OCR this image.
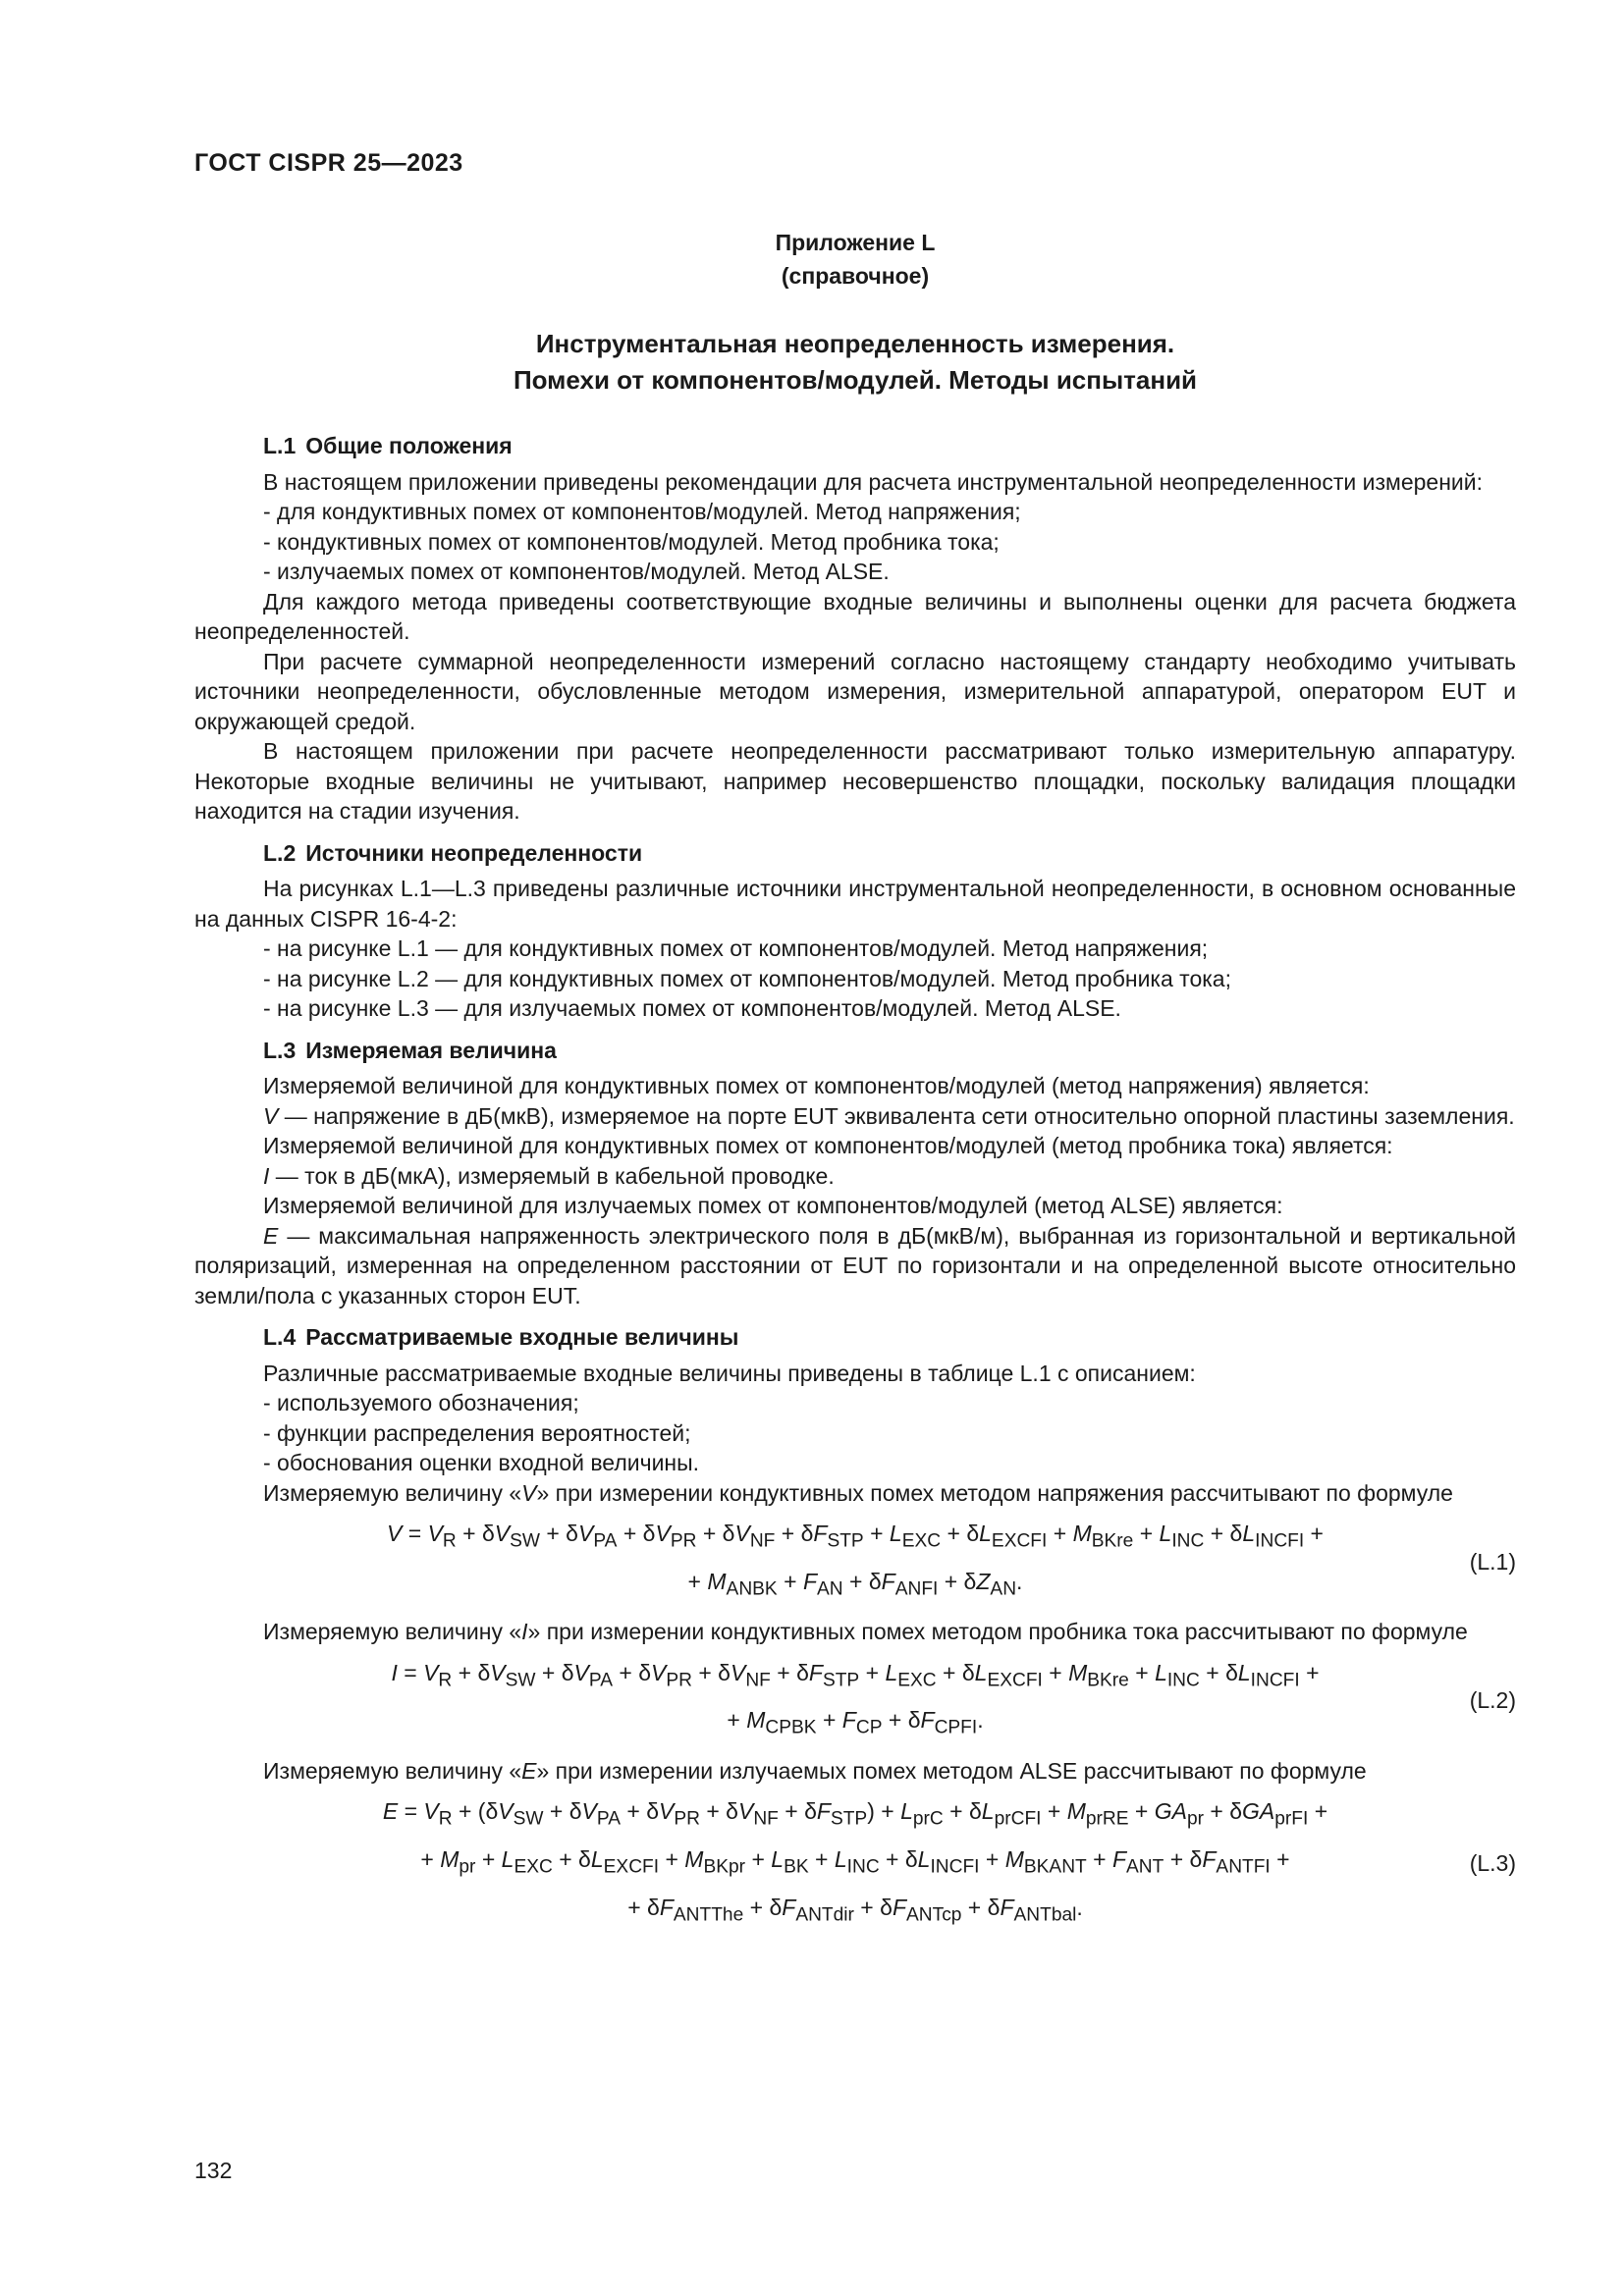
ГОСТ CISPR 25—2023
Приложение L
(справочное)
Инструментальная неопределенность измерения.
Помехи от компонентов/модулей. Методы испытаний
L.1 Общие положения

В настоящем приложении приведены рекомендации для расчета инструментальной неопределенности измерений:

- для кондуктивных помех от компонентов/модулей. Метод напряжения;

- кондуктивных помех от компонентов/модулей. Метод пробника тока;

- излучаемых помех от компонентов/модулей. Метод ALSE.

Для каждого метода приведены соответствующие входные величины и выполнены оценки для расчета бюджета неопределенностей.

При расчете суммарной неопределенности измерений согласно настоящему стандарту необходимо учитывать источники неопределенности, обусловленные методом измерения, измерительной аппаратурой, оператором EUT и окружающей средой.

В настоящем приложении при расчете неопределенности рассматривают только измерительную аппаратуру. Некоторые входные величины не учитывают, например несовершенство площадки, поскольку валидация площадки находится на стадии изучения.

L.2 Источники неопределенности

На рисунках L.1—L.3 приведены различные источники инструментальной неопределенности, в основном основанные на данных CISPR 16-4-2:

- на рисунке L.1 — для кондуктивных помех от компонентов/модулей. Метод напряжения;

- на рисунке L.2 — для кондуктивных помех от компонентов/модулей. Метод пробника тока;

- на рисунке L.3 — для излучаемых помех от компонентов/модулей. Метод ALSE.

L.3 Измеряемая величина

Измеряемой величиной для кондуктивных помех от компонентов/модулей (метод напряжения) является:

V — напряжение в дБ(мкВ), измеряемое на порте EUT эквивалента сети относительно опорной пластины заземления.

Измеряемой величиной для кондуктивных помех от компонентов/модулей (метод пробника тока) является:

I — ток в дБ(мкА), измеряемый в кабельной проводке.

Измеряемой величиной для излучаемых помех от компонентов/модулей (метод ALSE) является:

E — максимальная напряженность электрического поля в дБ(мкВ/м), выбранная из горизонтальной и вертикальной поляризаций, измеренная на определенном расстоянии от EUT по горизонтали и на определенной высоте относительно земли/пола с указанных сторон EUT.

L.4 Рассматриваемые входные величины

Различные рассматриваемые входные величины приведены в таблице L.1 с описанием:

- используемого обозначения;

- функции распределения вероятностей;

- обоснования оценки входной величины.

Измеряемую величину «V» при измерении кондуктивных помех методом напряжения рассчитывают по формуле

$V = V_R + \delta V_{SW} + \delta V_{PA} + \delta V_{PR} + \delta V_{NF} + \delta F_{STP} + L_{EXC} + \delta L_{EXCFI} + M_{BKre} + L_{INC} + \delta L_{INCFI}$ +

+ $M_{ANBK} + F_{AN} + \delta F_{ANFI} + \delta Z_{AN}$.

(L.1)

Измеряемую величину «I» при измерении кондуктивных помех методом пробника тока рассчитывают по формуле

$I = V_R + \delta V_{SW} + \delta V_{PA} + \delta V_{PR} + \delta V_{NF} + \delta F_{STP} + L_{EXC} + \delta L_{EXCFI} + M_{BKre} + L_{INC} + \delta L_{INCFI}$ +

+ $M_{CPBK} + F_{CP} + \delta F_{CPFI}$.

(L.2)

Измеряемую величину «E» при измерении излучаемых помех методом ALSE рассчитывают по формуле

$E = V_R + (\delta V_{SW} + \delta V_{PA} + \delta V_{PR} + \delta V_{NF} + \delta F_{STP}) + L_{prC} + \delta L_{prCFI} + M_{prRE} + GA_{pr} + \delta GA_{prFI}$ +

+ $M_{pr} + L_{EXC} + \delta L_{EXCFI} + M_{BKpr} + L_{BK} + L_{INC} + \delta L_{INCFI} + M_{BKANT} + F_{ANT} + \delta F_{ANTFI}$ +

+ $\delta F_{ANTThe} + \delta F_{ANTdir} + \delta F_{ANTcp} + \delta F_{ANTbal}$.

(L.3)
132
